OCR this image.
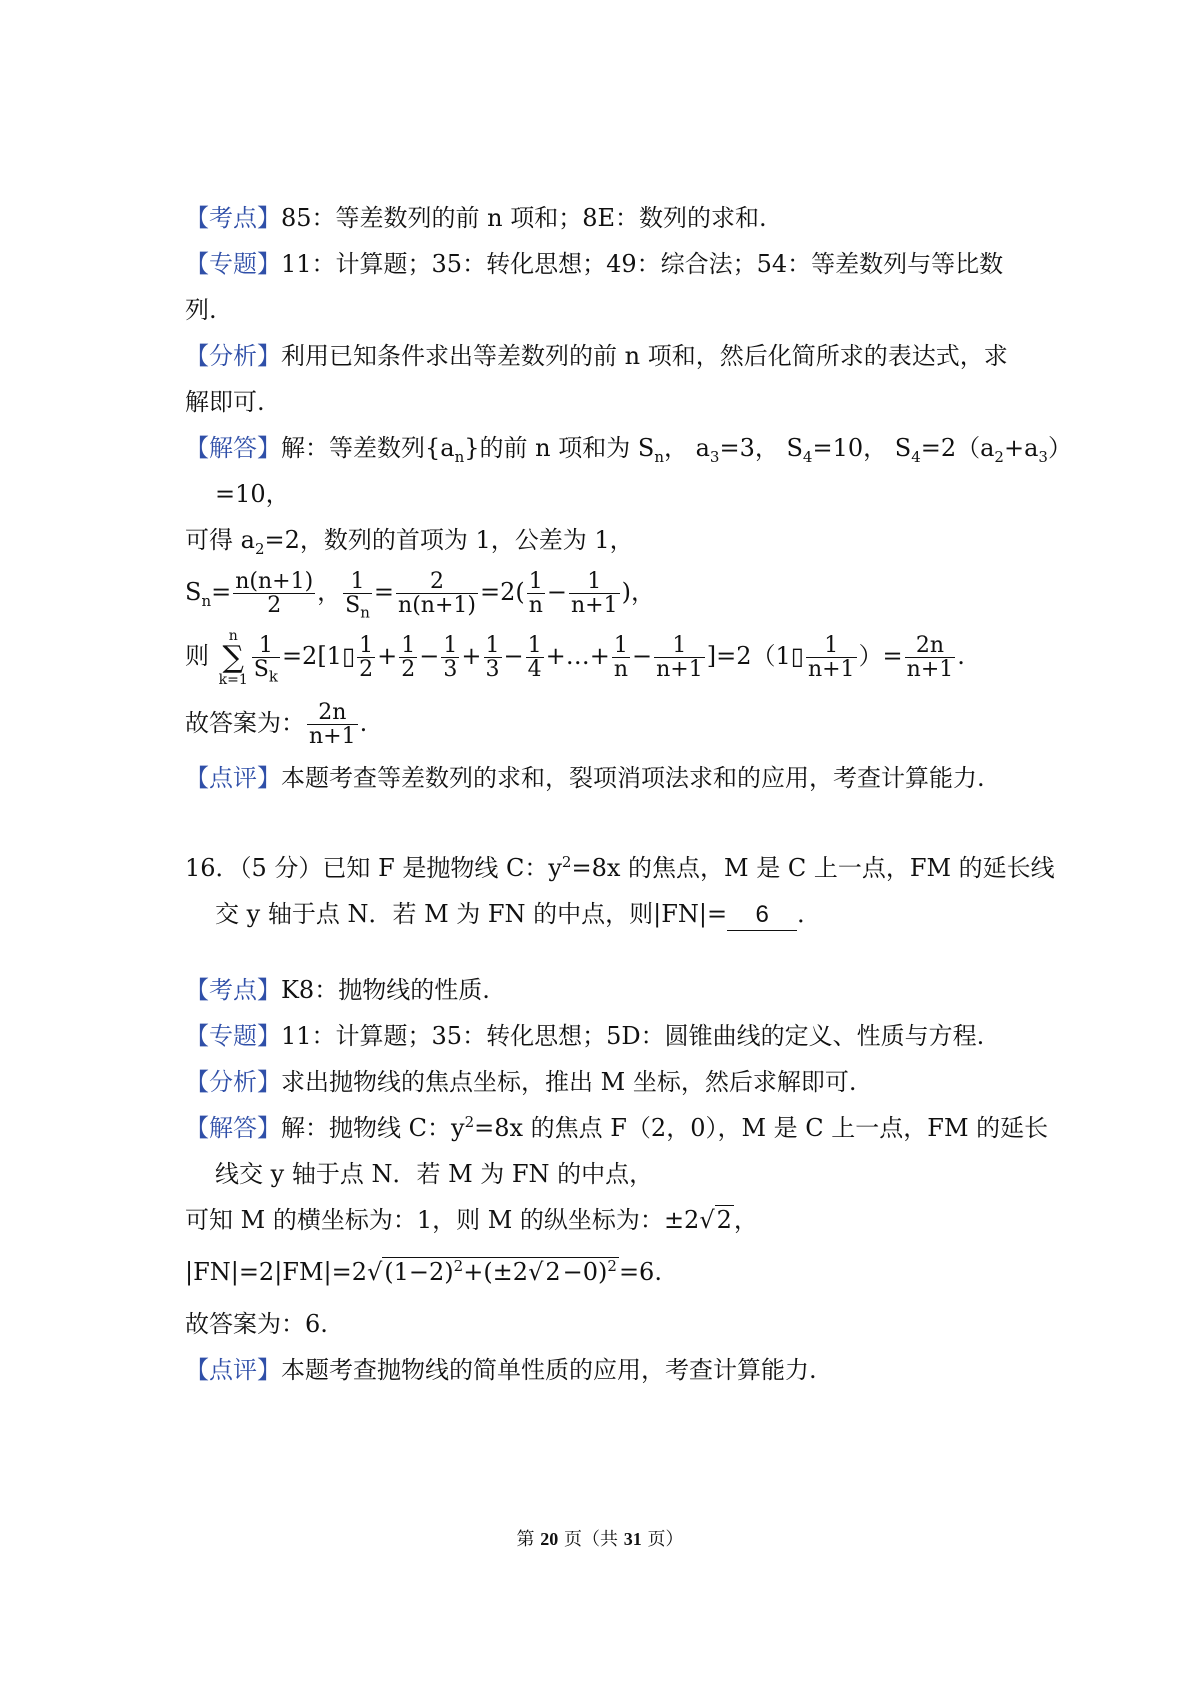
【考点】85：等差数列的前 n 项和；8E：数列的求和.
【专题】11：计算题；35：转化思想；49：综合法；54：等差数列与等比数列.
【分析】利用已知条件求出等差数列的前 n 项和，然后化简所求的表达式，求解即可.
【解答】解：等差数列$\{a_n\}$的前 n 项和为 $S_n$， $a_3=3$， $S_4=10$， $S_4=2(a_2+a_3)$
=10，
可得 $a_2=2$，数列的首项为 1，公差为 1，
$S_n= \frac{n(n+1)}{2}$ ， $\frac{1}{S_n} = \frac{2}{n(n+1)} =2( \frac{1}{n} - \frac{1}{n+1}$ )，
则 n
∑
$k=1 \frac{1}{S_k}$ =2[1▯ $\frac{1}{2} + \frac{1}{2} - \frac{1}{3} + \frac{1}{3} - \frac{1}{4}$ +…+ $\frac{1}{n} - \frac{1}{n+1}$ ]=2（1▯ $\frac{1}{n+1}$ ）= $\frac{2n}{n+1}$ .
故答案为： $\frac{2n}{n+1}$ .
【点评】本题考查等差数列的求和，裂项消项法求和的应用，考查计算能力.
16．（5 分）已知 F 是抛物线 C：$y^2=8x$ 的焦点，M 是 C 上一点，FM 的延长线
交 y 轴于点 N．若 M 为 FN 的中点，则|FN|= 6 ．
【考点】K8：抛物线的性质.
【专题】11：计算题；35：转化思想；5D：圆锥曲线的定义、性质与方程.
【分析】求出抛物线的焦点坐标，推出 M 坐标，然后求解即可.
【解答】解：抛物线 C：$y^2=8x$ 的焦点 F（2，0），M 是 C 上一点，FM 的延长
线交 y 轴于点 N．若 M 为 FN 的中点，
可知 M 的横坐标为：1，则 M 的纵坐标为：±2√2，
$|FN|=2|FM|=2√(1-2)^2+(\pm 2√2-0)^2=6$.
故答案为：6.
【点评】本题考查抛物线的简单性质的应用，考查计算能力.
第 20 页（共 31 页）
